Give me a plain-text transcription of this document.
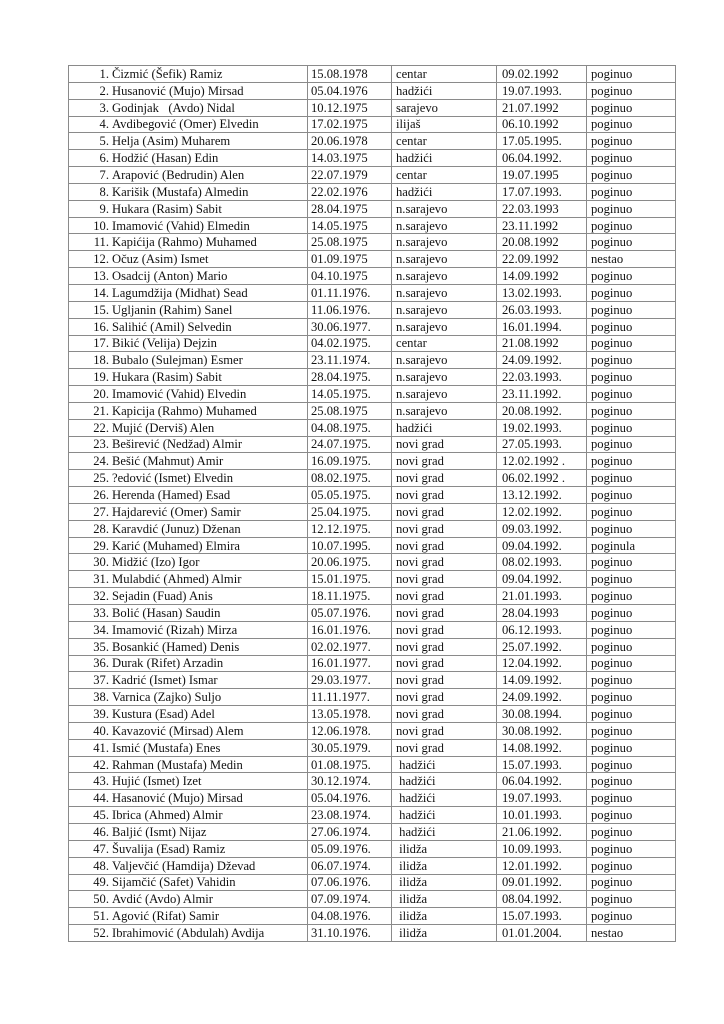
1. Čizmić (Šefik) Ramiz	15.08.1978	centar	09.02.1992	poginuo
2. Husanović (Mujo) Mirsad	05.04.1976	hadžići	19.07.1993.	poginuo
3. Godinjak   (Avdo) Nidal	10.12.1975	sarajevo	21.07.1992	poginuo
4. Avdibegović (Omer) Elvedin	17.02.1975	ilijaš	06.10.1992	poginuo
5. Helja (Asim) Muharem	20.06.1978	centar	17.05.1995.	poginuo
6. Hodžić (Hasan) Edin	14.03.1975	hadžići	06.04.1992.	poginuo
7. Arapović (Bedrudin) Alen	22.07.1979	centar	19.07.1995	poginuo
8. Karišik (Mustafa) Almedin	22.02.1976	hadžići	17.07.1993.	poginuo
9. Hukara (Rasim) Sabit	28.04.1975	n.sarajevo	22.03.1993	poginuo
10. Imamović (Vahid) Elmedin	14.05.1975	n.sarajevo	23.11.1992	poginuo
11. Kapićija (Rahmo) Muhamed	25.08.1975	n.sarajevo	20.08.1992	poginuo
12. Očuz (Asim) Ismet	01.09.1975	n.sarajevo	22.09.1992	nestao
13. Osadcij (Anton) Mario	04.10.1975	n.sarajevo	14.09.1992	poginuo
14. Lagumdžija (Midhat) Sead	01.11.1976.	n.sarajevo	13.02.1993.	poginuo
15. Ugljanin (Rahim) Sanel	11.06.1976.	n.sarajevo	26.03.1993.	poginuo
16. Salihić (Amil) Selvedin	30.06.1977.	n.sarajevo	16.01.1994.	poginuo
17. Bikić (Velija) Dejzin	04.02.1975.	centar	21.08.1992	poginuo
18. Bubalo (Sulejman) Esmer	23.11.1974.	n.sarajevo	24.09.1992.	poginuo
19. Hukara (Rasim) Sabit	28.04.1975.	n.sarajevo	22.03.1993.	poginuo
20. Imamović (Vahid) Elvedin	14.05.1975.	n.sarajevo	23.11.1992.	poginuo
21. Kapicija (Rahmo) Muhamed	25.08.1975	n.sarajevo	20.08.1992.	poginuo
22. Mujić (Derviš) Alen	04.08.1975.	hadžići	19.02.1993.	poginuo
23. Beširević (Nedžad) Almir	24.07.1975.	novi grad	27.05.1993.	poginuo
24. Bešić (Mahmut) Amir	16.09.1975.	novi grad	12.02.1992 .	poginuo
25. ?edović (Ismet) Elvedin	08.02.1975.	novi grad	06.02.1992 .	poginuo
26. Herenda (Hamed) Esad	05.05.1975.	novi grad	13.12.1992.	poginuo
27. Hajdarević (Omer) Samir	25.04.1975.	novi grad	12.02.1992.	poginuo
28. Karavdić (Junuz) Dženan	12.12.1975.	novi grad	09.03.1992.	poginuo
29. Karić (Muhamed) Elmira	10.07.1995.	novi grad	09.04.1992.	poginula
30. Midžić (Izo) Igor	20.06.1975.	novi grad	08.02.1993.	poginuo
31. Mulabdić (Ahmed) Almir	15.01.1975.	novi grad	09.04.1992.	poginuo
32. Sejadin (Fuad) Anis	18.11.1975.	novi grad	21.01.1993.	poginuo
33. Bolić (Hasan) Saudin	05.07.1976.	novi grad	28.04.1993	poginuo
34. Imamović (Rizah) Mirza	16.01.1976.	novi grad	06.12.1993.	poginuo
35. Bosankić (Hamed) Denis	02.02.1977.	novi grad	25.07.1992.	poginuo
36. Durak (Rifet) Arzadin	16.01.1977.	novi grad	12.04.1992.	poginuo
37. Kadrić (Ismet) Ismar	29.03.1977.	novi grad	14.09.1992.	poginuo
38. Varnica (Zajko) Suljo	11.11.1977.	novi grad	24.09.1992.	poginuo
39. Kustura (Esad) Adel	13.05.1978.	novi grad	30.08.1994.	poginuo
40. Kavazović (Mirsad) Alem	12.06.1978.	novi grad	30.08.1992.	poginuo
41. Ismić (Mustafa) Enes	30.05.1979.	novi grad	14.08.1992.	poginuo
42. Rahman (Mustafa) Medin	01.08.1975.	hadžići	15.07.1993.	poginuo
43. Hujić (Ismet) Izet	30.12.1974.	hadžići	06.04.1992.	poginuo
44. Hasanović (Mujo) Mirsad	05.04.1976.	hadžići	19.07.1993.	poginuo
45. Ibrica (Ahmed) Almir	23.08.1974.	hadžići	10.01.1993.	poginuo
46. Baljić (Ismt) Nijaz	27.06.1974.	hadžići	21.06.1992.	poginuo
47. Šuvalija (Esad) Ramiz	05.09.1976.	ilidža	10.09.1993.	poginuo
48. Valjevčić (Hamdija) Dževad	06.07.1974.	ilidža	12.01.1992.	poginuo
49. Sijamčić (Safet) Vahidin	07.06.1976.	ilidža	09.01.1992.	poginuo
50. Avdić (Avdo) Almir	07.09.1974.	ilidža	08.04.1992.	poginuo
51. Agović (Rifat) Samir	04.08.1976.	ilidža	15.07.1993.	poginuo
52. Ibrahimović (Abdulah) Avdija	31.10.1976.	ilidža	01.01.2004.	nestao
